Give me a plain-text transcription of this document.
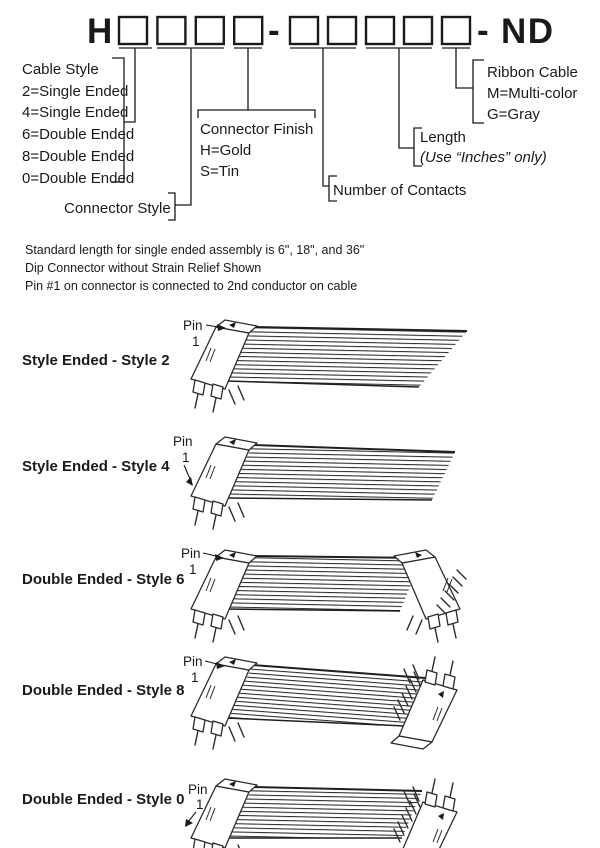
H	-	- ND
Cable Style
2=Single Ended
4=Single Ended
6=Double Ended
8=Double Ended
0=Double Ended
Connector Style
Connector Finish
H=Gold
S=Tin
Number of Contacts
Length
(Use “Inches” only)
Ribbon Cable
M=Multi-color
G=Gray
Standard length for single ended assembly is 6", 18", and 36"
Dip Connector without Strain Relief Shown
Pin #1 on connector is connected to 2nd conductor on cable
Style Ended - Style 2
Style Ended - Style 4
Double Ended - Style 6
Double Ended - Style 8
Double Ended - Style 0
Pin
1
Pin
1
Pin
1
Pin
1
Pin
1
